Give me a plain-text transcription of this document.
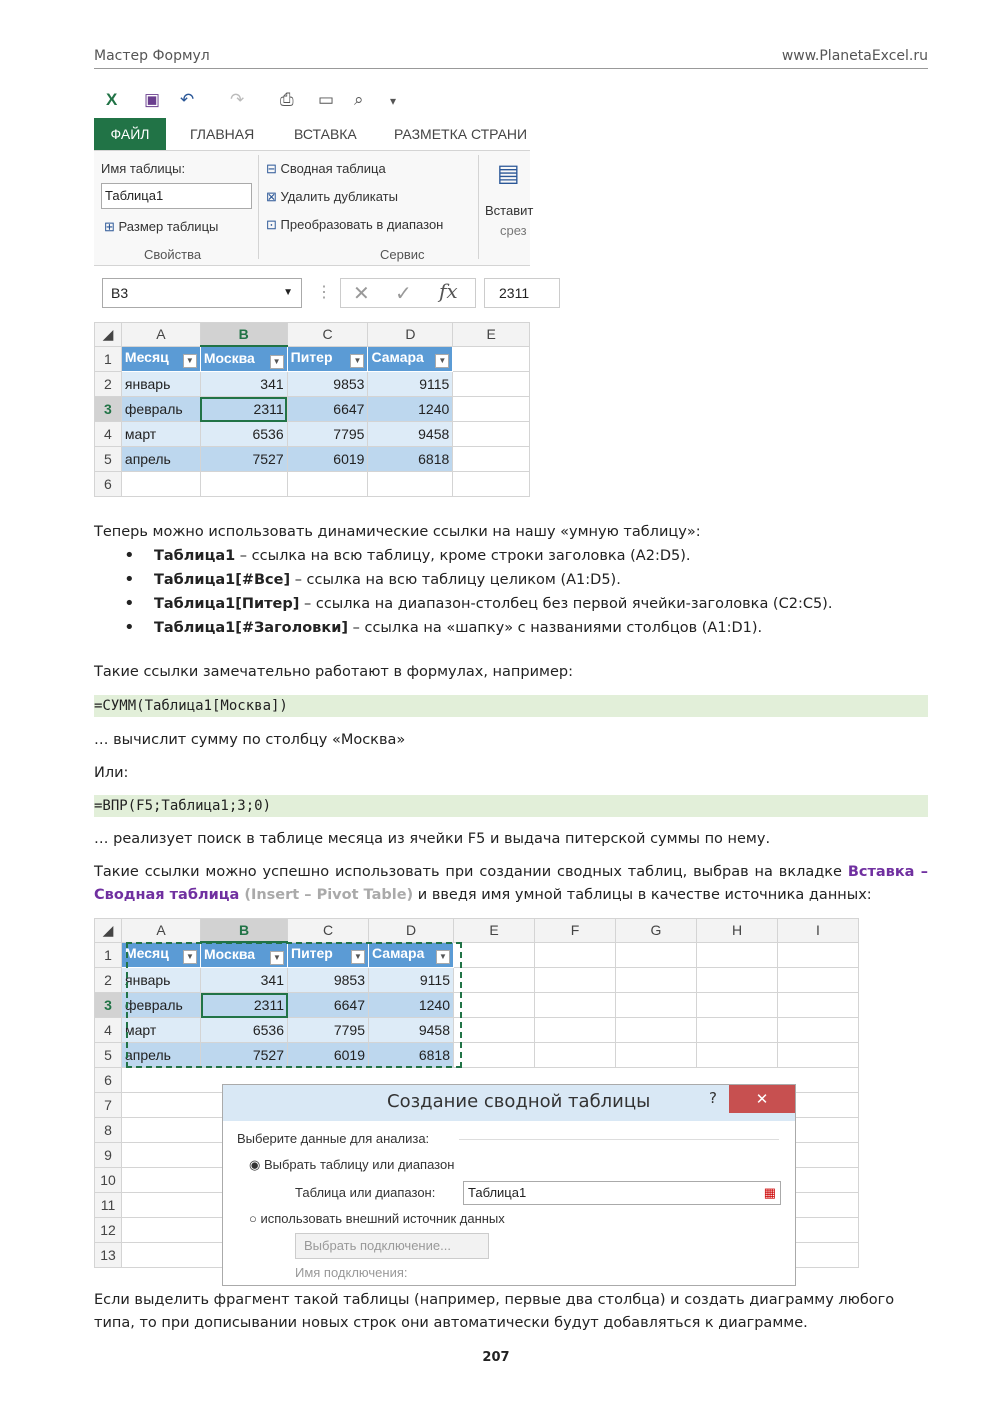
Мастер Формул	www.PlanetaExcel.ru
X ▣ ↶ ↷ ⎙ ▭ ⌕ ▾
ФАЙЛ	ГЛАВНАЯ	ВСТАВКА	РАЗМЕТКА СТРАНИ
Имя таблицы:
Таблица1
⊞ Размер таблицы
Свойства
⊟ Сводная таблица
⊠ Удалить дубликаты
⊡ Преобразовать в диапазон
Сервис
▤
Вставит
срез
B3	▼ ⋮ ✕ ✓ fx	2311
◢	A	B	C	D	E
1	Месяц ▼	Москва ▼	Питер ▼	Самара ▼	

2	январь	341	9853	9115	
3	февраль	2311	6647	1240	
4	март	6536	7795	9458	
5	апрель	7527	6019	6818	
6					

Теперь можно использовать динамические ссылки на нашу «умную таблицу»:

• Таблица1 – ссылка на всю таблицу, кроме строки заголовка (A2:D5).
• Таблица1[#Все] – ссылка на всю таблицу целиком (A1:D5).
• Таблица1[Питер] – ссылка на диапазон-столбец без первой ячейки-заголовка (C2:C5).
• Таблица1[#Заголовки] – ссылка на «шапку» с названиями столбцов (A1:D1).

Такие ссылки замечательно работают в формулах, например:

=СУММ(Таблица1[Москва])

… вычислит сумму по столбцу «Москва»

Или:

=ВПР(F5;Таблица1;3;0)

… реализует поиск в таблице месяца из ячейки F5 и выдача питерской суммы по нему.

Такие ссылки можно успешно использовать при создании сводных таблиц, выбрав на вкладке Вставка – Сводная таблица (Insert – Pivot Table) и введя имя умной таблицы в качестве источника данных:

◢	A	B	C	D	E	F	G	H	I
1	Месяц ▼	Москва ▼	Питер ▼	Самара ▼					

2	январь	341	9853	9115					
3	февраль	2311	6647	1240					
4	март	6536	7795	9458					
5	апрель	7527	6019	6818					
6									
7									
8									
9									
10									
11									
12									
13									
Создание сводной таблицы	?	✕
Выберите данные для анализа:
◉ Выбрать таблицу или диапазон
Таблица или диапазон:	Таблица1	▦
○ использовать внешний источник данных
Выбрать подключение...
Имя подключения:

Если выделить фрагмент такой таблицы (например, первые два столбца) и создать диаграмму любого типа, то при дописывании новых строк они автоматически будут добавляться к диаграмме.

207
